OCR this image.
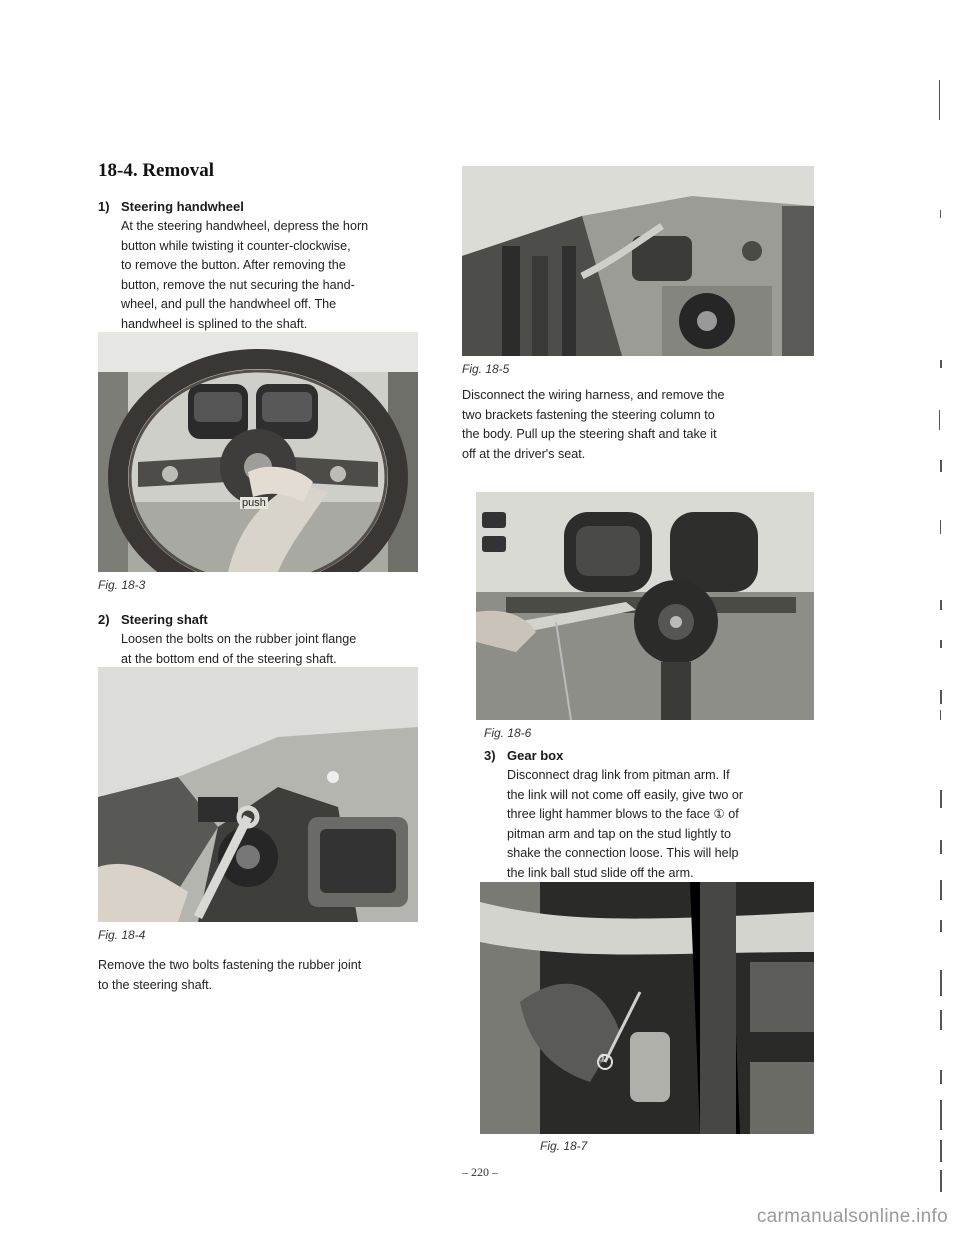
18-4. Removal
1) Steering handwheel
At the steering handwheel, depress the horn
button while twisting it counter-clockwise,
to remove the button. After removing the
button, remove the nut securing the hand-
wheel, and pull the handwheel off. The
handwheel is splined to the shaft.
push
Fig. 18-3
2) Steering shaft
Loosen the bolts on the rubber joint flange
at the bottom end of the steering shaft.
Fig. 18-4
Remove the two bolts fastening the rubber joint
to the steering shaft.
Fig. 18-5
Disconnect the wiring harness, and remove the
two brackets fastening the steering column to
the body. Pull up the steering shaft and take it
off at the driver's seat.
Fig. 18-6
3) Gear box
Disconnect drag link from pitman arm. If
the link will not come off easily, give two or
three light hammer blows to the face ① of
pitman arm and tap on the stud lightly to
shake the connection loose. This will help
the link ball stud slide off the arm.
①
Fig. 18-7
– 220 –
carmanualsonline.info
